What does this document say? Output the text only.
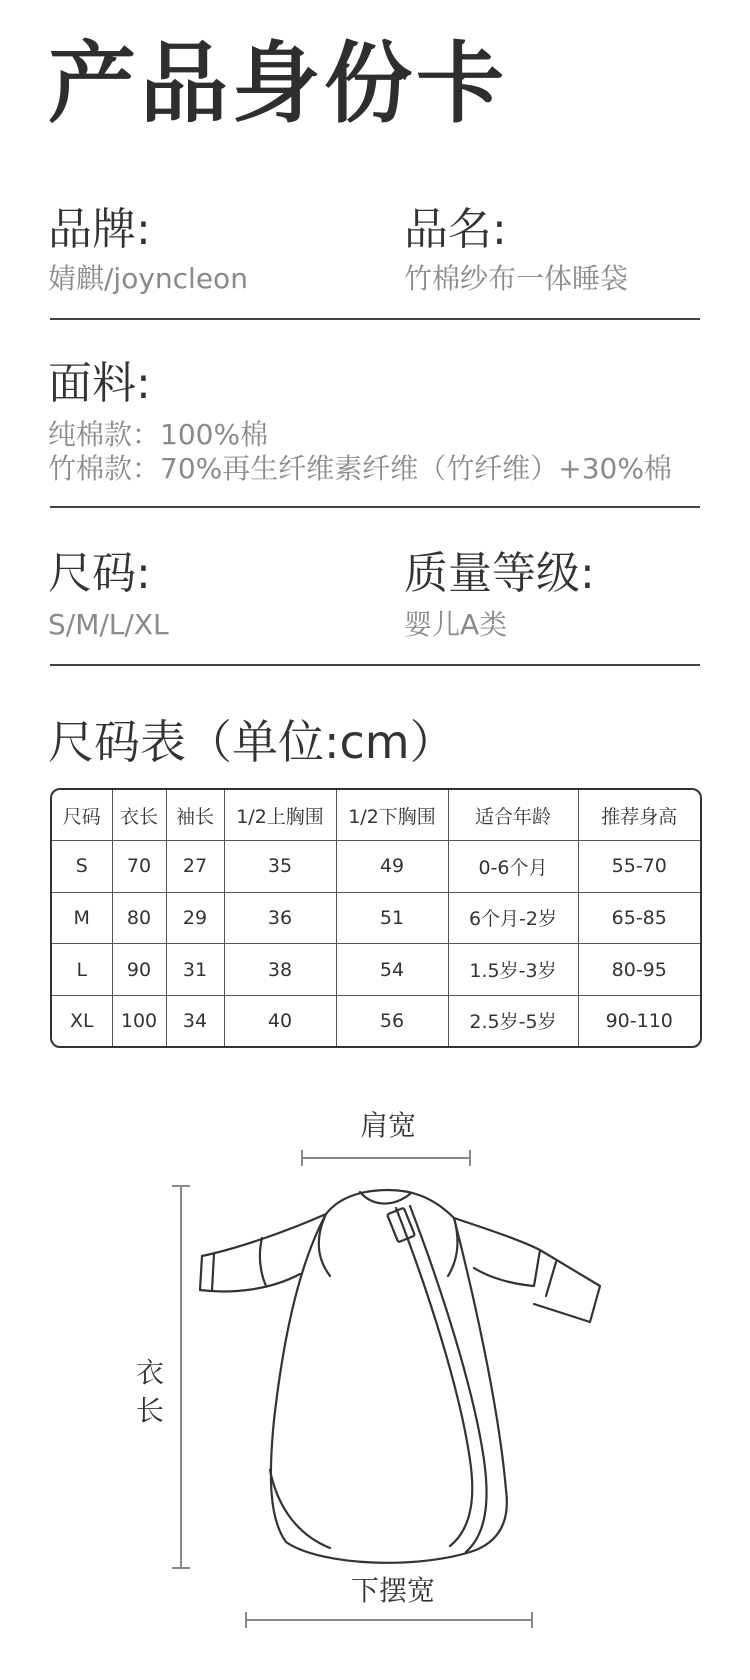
产品身份卡
品牌:
婧麒/joyncleon
品名:
竹棉纱布一体睡袋
面料:
纯棉款：100%棉
竹棉款：70%再生纤维素纤维（竹纤维）+30%棉
尺码:
S/M/L/XL
质量等级:
婴儿A类
尺码表（单位:cm）
尺码	衣长	袖长	1/2上胸围	1/2下胸围	适合年龄	推荐身高
S	70	27	35	49	0-6个月	55-70
M	80	29	36	51	6个月-2岁	65-85
L	90	31	38	54	1.5岁-3岁	80-95
XL	100	34	40	56	2.5岁-5岁	90-110
肩宽
衣
长
下摆宽
